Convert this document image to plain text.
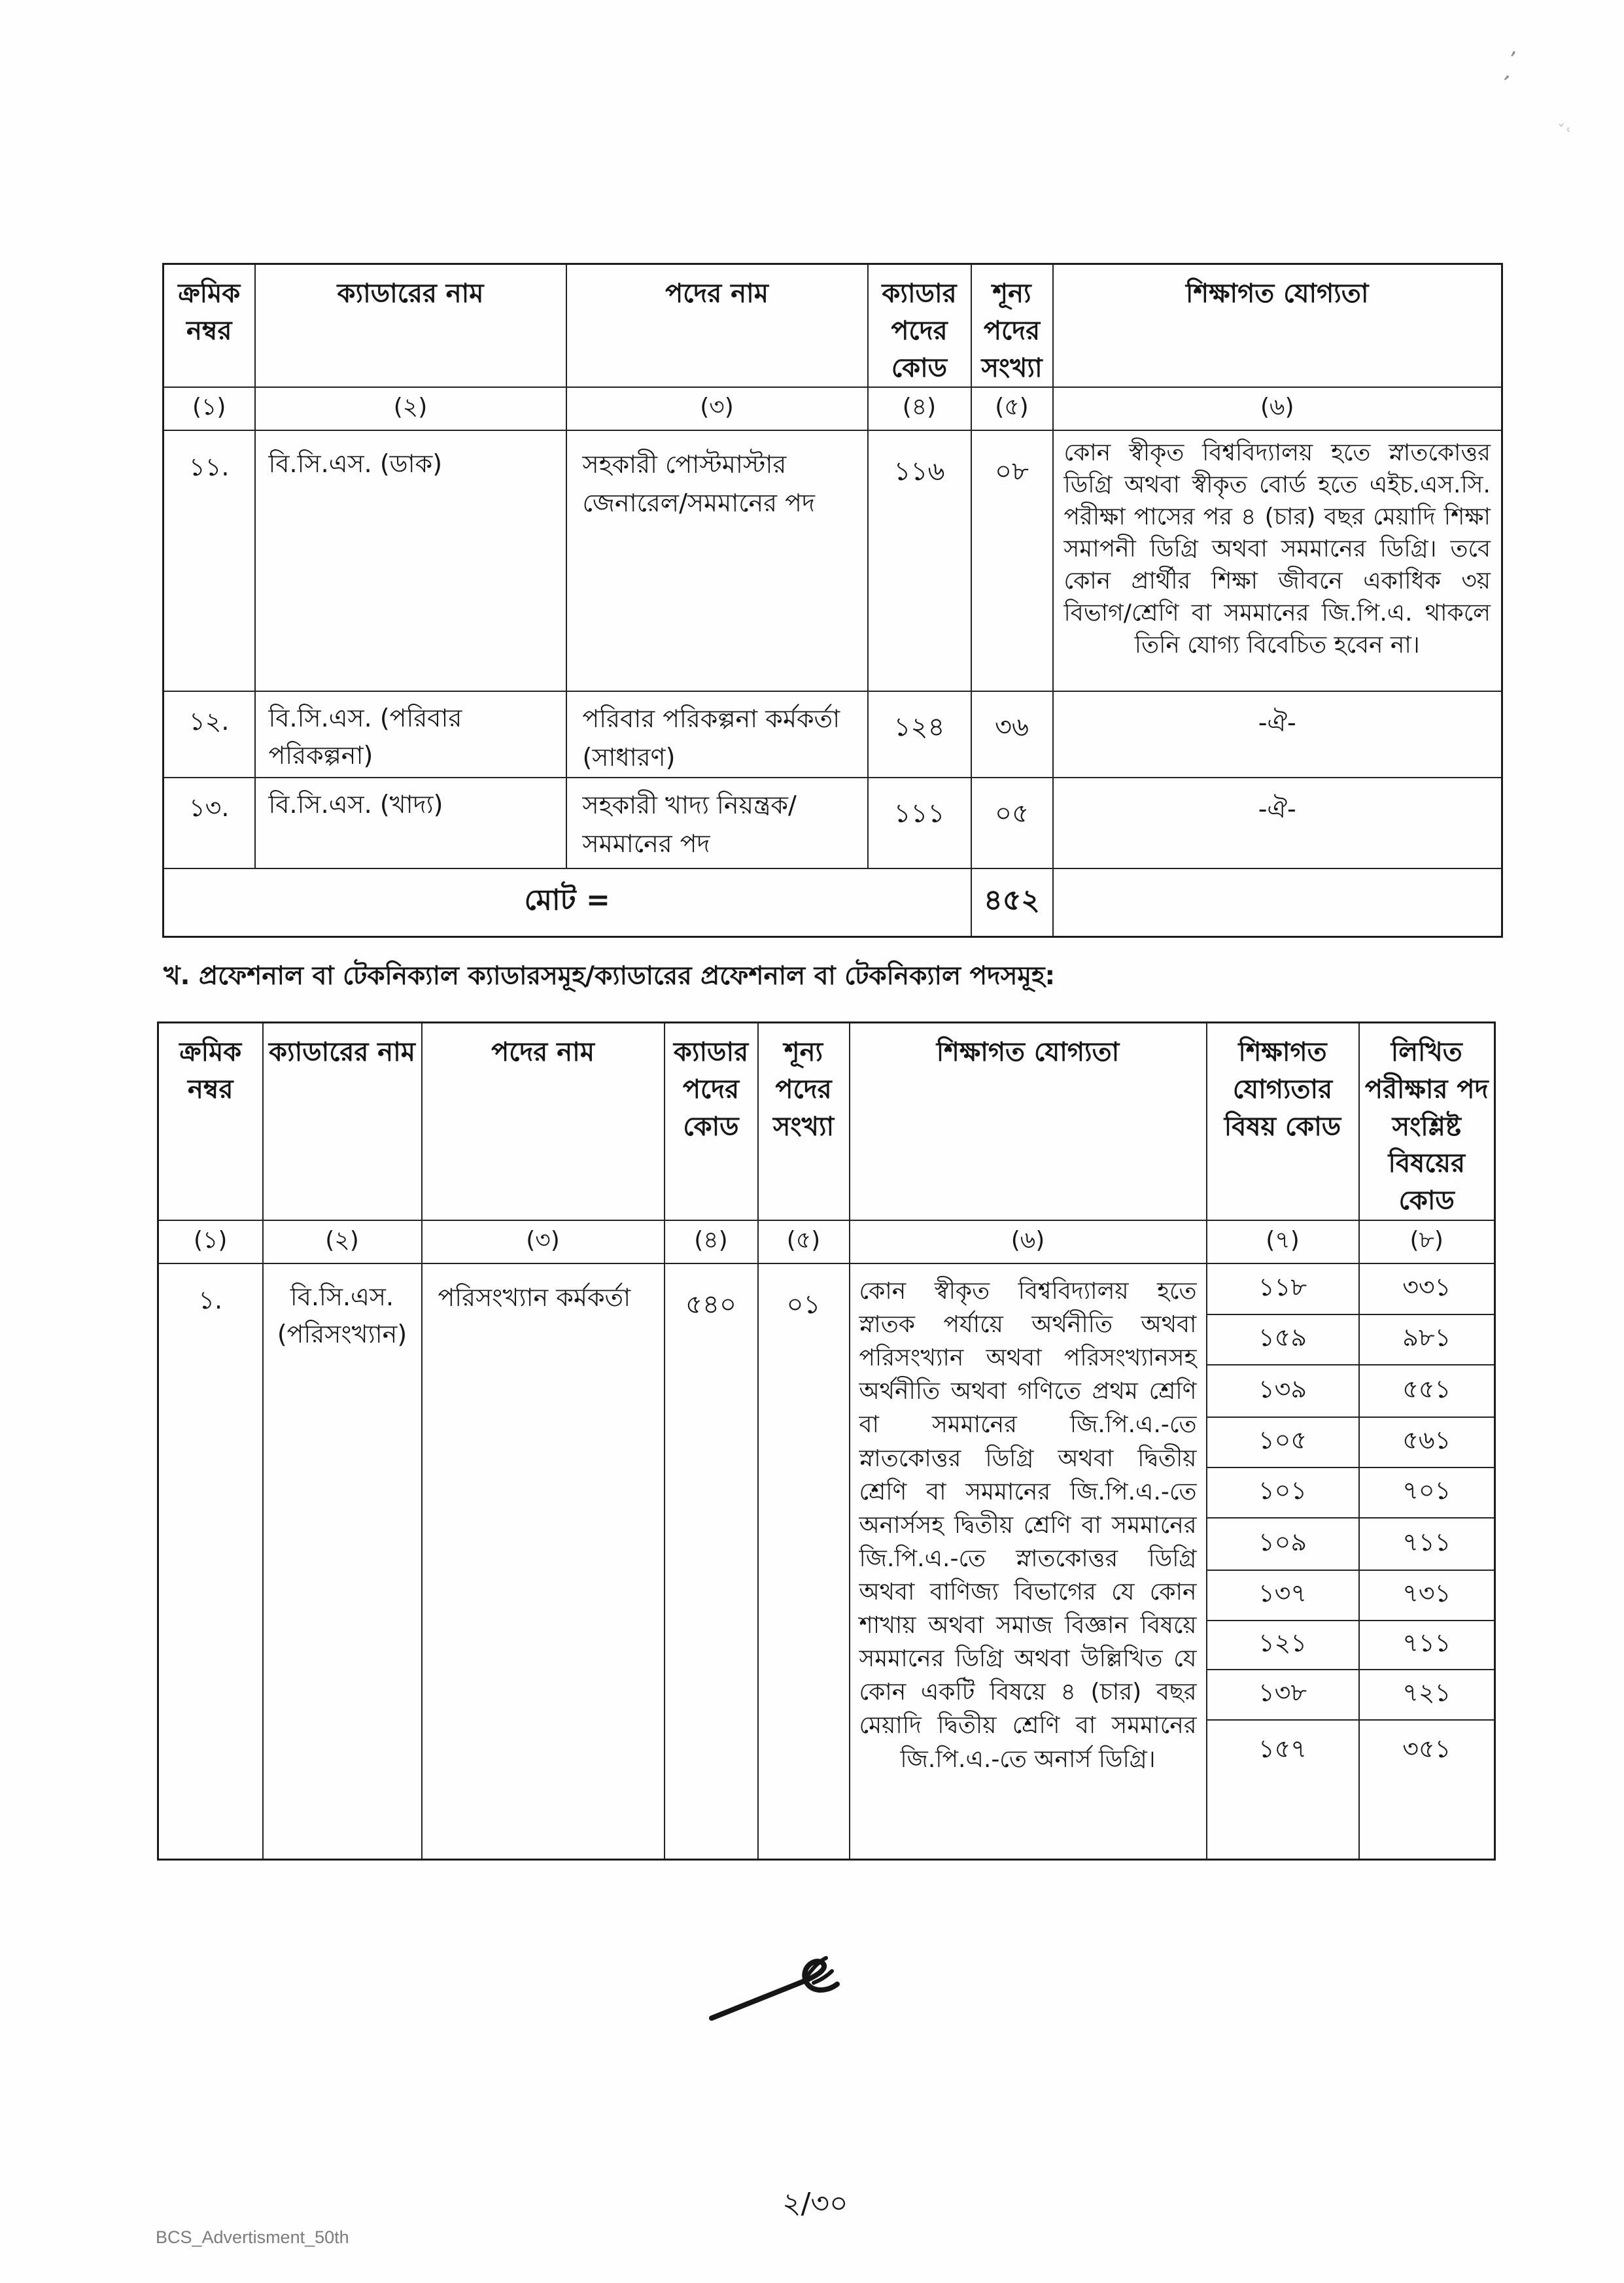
’
’
ˇ˓
ক্রমিক নম্বর	ক্যাডারের নাম	পদের নাম	ক্যাডার পদের কোড	শূন্য পদের সংখ্যা	শিক্ষাগত যোগ্যতা
(১)	(২)	(৩)	(৪)	(৫)	(৬)
১১.	বি.সি.এস. (ডাক)	সহকারী পোস্টমাস্টার জেনারেল/সমমানের পদ	১১৬	০৮	কোন স্বীকৃত বিশ্ববিদ্যালয় হতে স্নাতকোত্তর ডিগ্রি অথবা স্বীকৃত বোর্ড হতে এইচ.এস.সি. পরীক্ষা পাসের পর ৪ (চার) বছর মেয়াদি শিক্ষা সমাপনী ডিগ্রি অথবা সমমানের ডিগ্রি। তবে কোন প্রার্থীর শিক্ষা জীবনে একাধিক ৩য় বিভাগ/শ্রেণি বা সমমানের জি.পি.এ. থাকলে তিনি যোগ্য বিবেচিত হবেন না।
১২.	বি.সি.এস. (পরিবার পরিকল্পনা)	পরিবার পরিকল্পনা কর্মকর্তা (সাধারণ)	১২৪	৩৬	-ঐ-
১৩.	বি.সি.এস. (খাদ্য)	সহকারী খাদ্য নিয়ন্ত্রক/সমমানের পদ	১১১	০৫	-ঐ-
মোট =				৪৫২	
খ. প্রফেশনাল বা টেকনিক্যাল ক্যাডারসমূহ/ক্যাডারের প্রফেশনাল বা টেকনিক্যাল পদসমূহ:
ক্রমিক নম্বর	ক্যাডারের নাম	পদের নাম	ক্যাডার পদের কোড	শূন্য পদের সংখ্যা	শিক্ষাগত যোগ্যতা	শিক্ষাগত যোগ্যতার বিষয় কোড	লিখিত পরীক্ষার পদ সংশ্লিষ্ট বিষয়ের কোড
(১)	(২)	(৩)	(৪)	(৫)	(৬)	(৭)	(৮)
১.	বি.সি.এস. (পরিসংখ্যান)	পরিসংখ্যান কর্মকর্তা	৫৪০	০১	কোন স্বীকৃত বিশ্ববিদ্যালয় হতে স্নাতক পর্যায়ে অর্থনীতি অথবা পরিসংখ্যান অথবা পরিসংখ্যানসহ অর্থনীতি অথবা গণিতে প্রথম শ্রেণি বা সমমানের জি.পি.এ.-তে স্নাতকোত্তর ডিগ্রি অথবা দ্বিতীয় শ্রেণি বা সমমানের জি.পি.এ.-তে অনার্সসহ দ্বিতীয় শ্রেণি বা সমমানের জি.পি.এ.-তে স্নাতকোত্তর ডিগ্রি অথবা বাণিজ্য বিভাগের যে কোন শাখায় অথবা সমাজ বিজ্ঞান বিষয়ে সমমানের ডিগ্রি অথবা উল্লিখিত যে কোন একটি বিষয়ে ৪ (চার) বছর মেয়াদি দ্বিতীয় শ্রেণি বা সমমানের জি.পি.এ.-তে অনার্স ডিগ্রি।	১১৮	৩৩১
						১৫৯	৯৮১
						১৩৯	৫৫১
						১০৫	৫৬১
						১০১	৭০১
						১০৯	৭১১
						১৩৭	৭৩১
						১২১	৭১১
						১৩৮	৭২১
						১৫৭	৩৫১
২/৩০
BCS_Advertisment_50th
